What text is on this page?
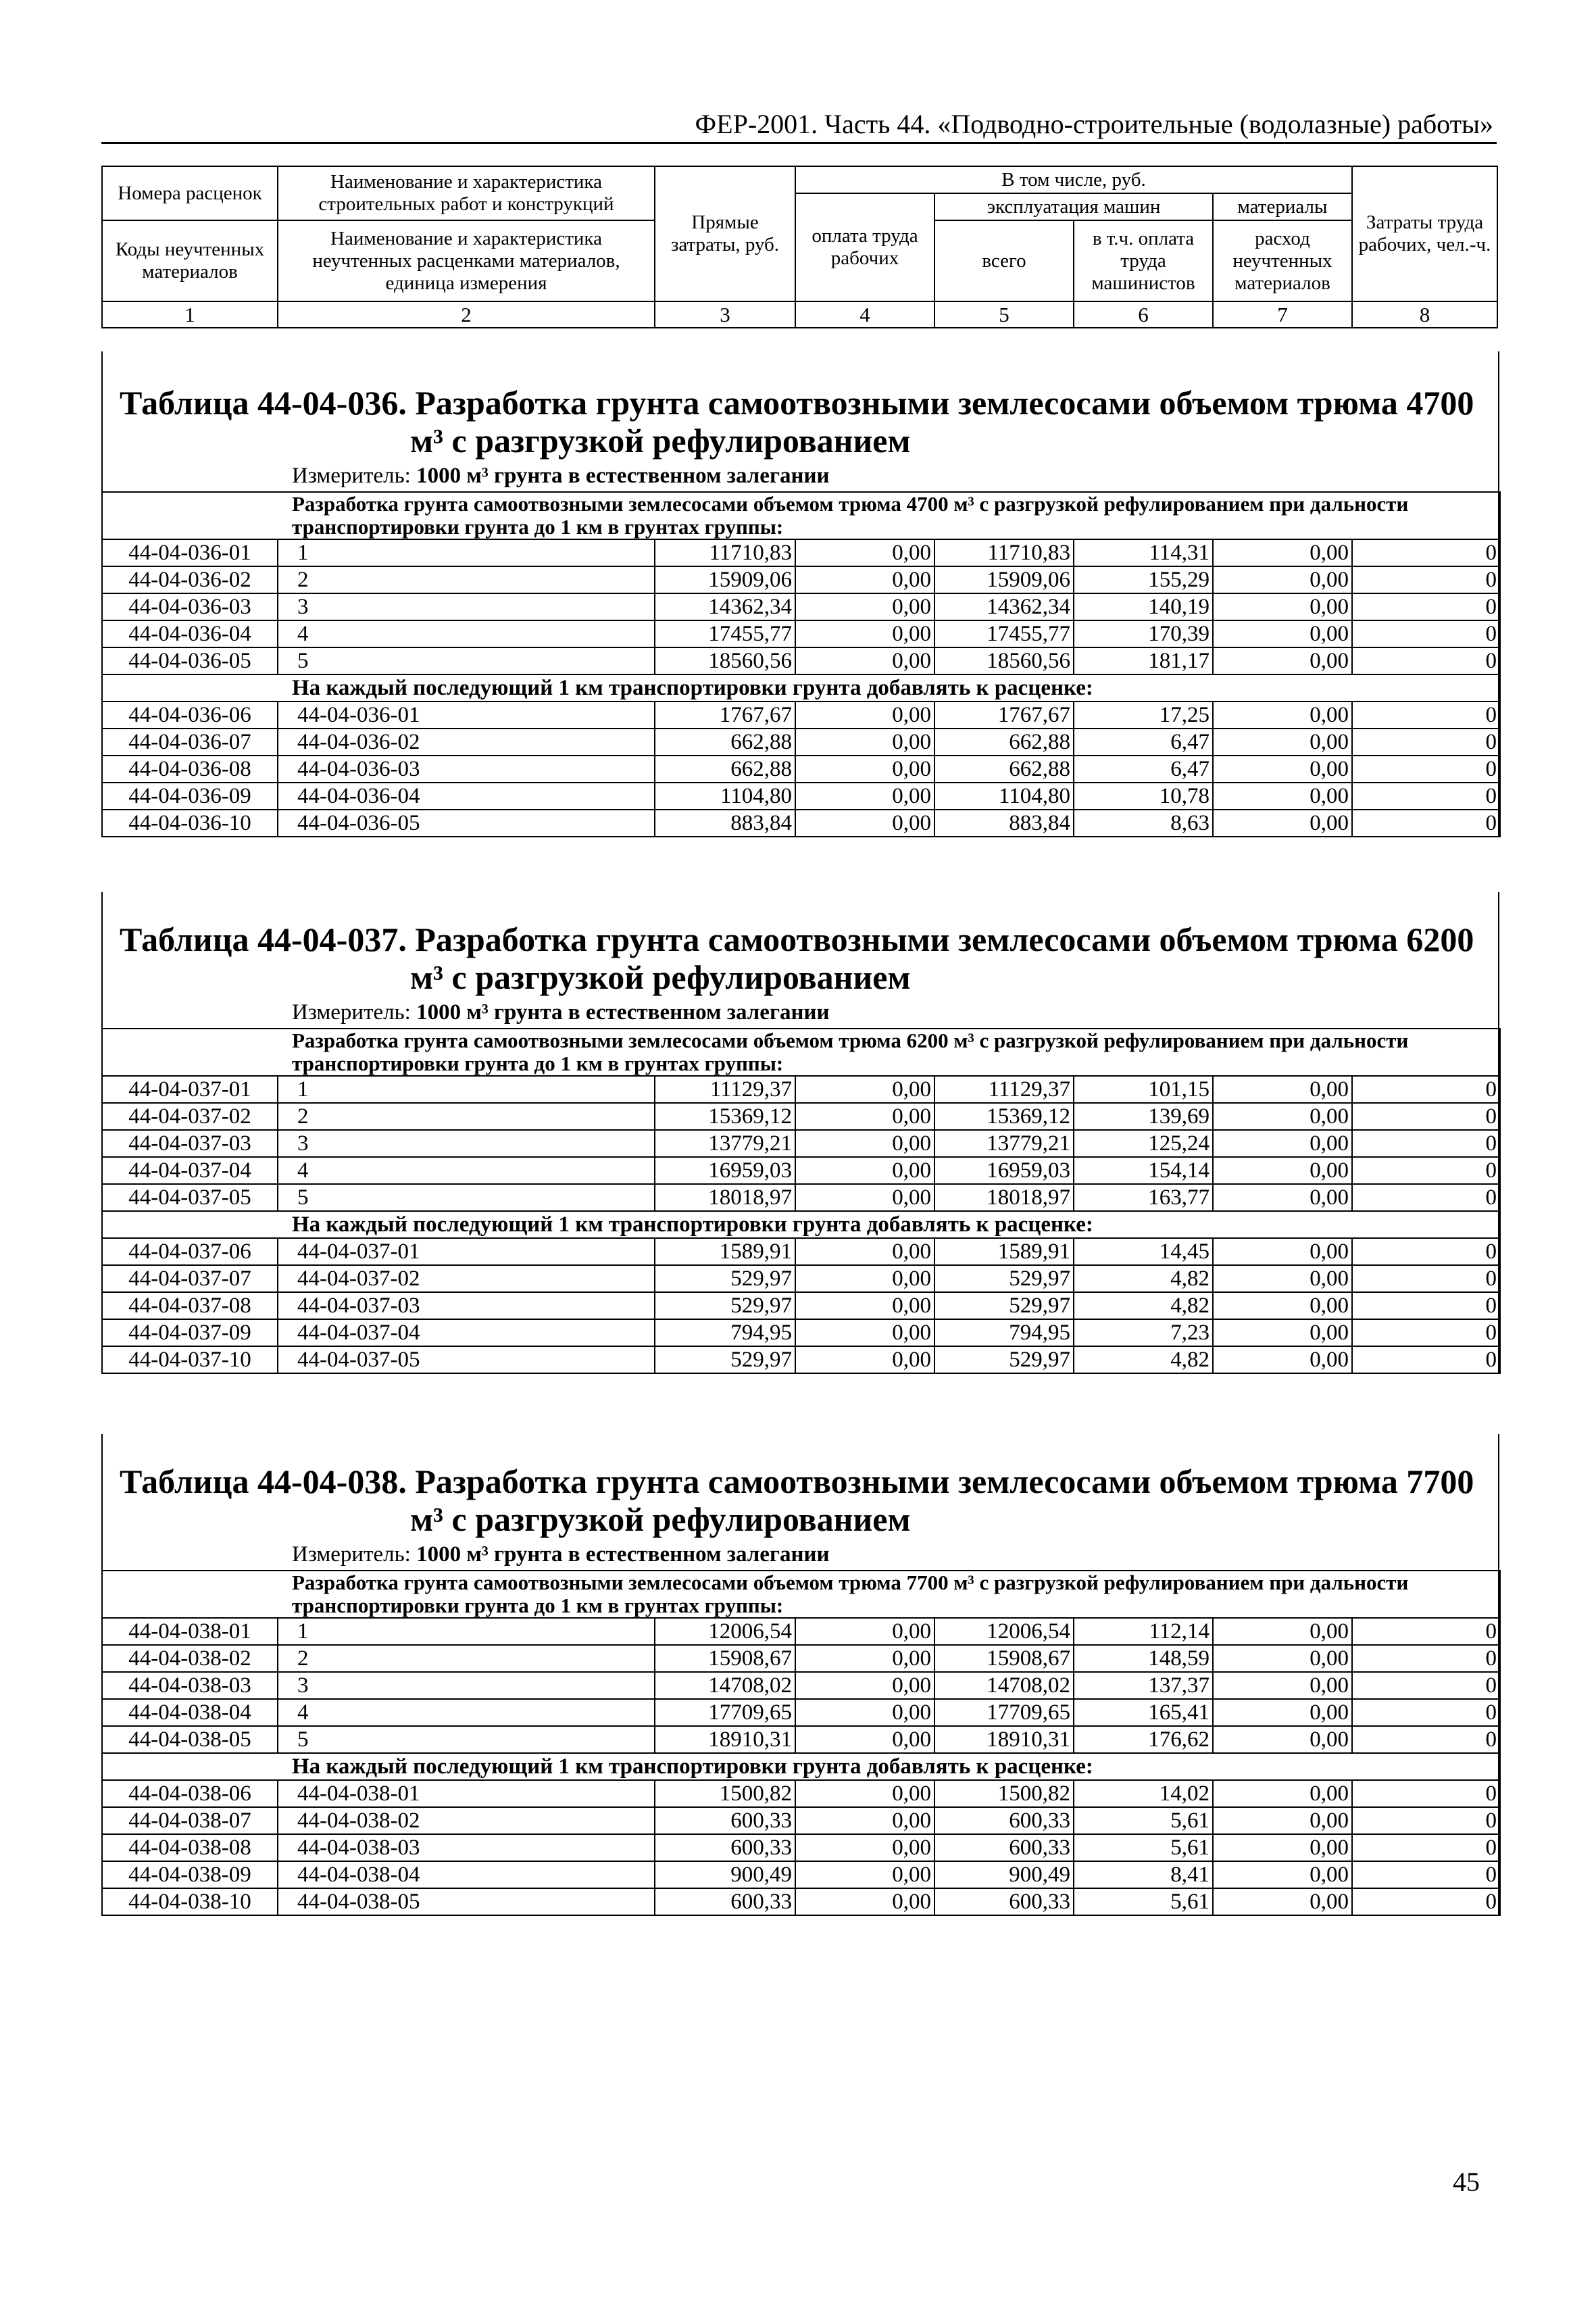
ФЕР-2001. Часть 44. «Подводно-строительные (водолазные) работы»
Номера расценок	Наименование и характеристика строительных работ и конструкций	Прямые затраты, руб.	В том числе, руб.				Затраты труда рабочих, чел.-ч.
			оплата труда рабочих	эксплуатация машин		материалы	
Коды неучтенных материалов	Наименование и характеристика неучтенных расценками материалов, единица измерения			всего	в т.ч. оплата труда машинистов	расход неучтенных материалов	

1	2	3	4	5	6	7	8
Таблица 44-04-036. Разработка грунта самоотвозными землесосами объемом трюма 4700
м³ с разгрузкой рефулированием
Измеритель: 1000 м³ грунта в естественном залегании
Разработка грунта самоотвозными землесосами объемом трюма 4700 м³ с разгрузкой рефулированием при дальности транспортировки грунта до 1 км в грунтах группы:							
44-04-036-01	1	11710,83	0,00	11710,83	114,31	0,00	0
44-04-036-02	2	15909,06	0,00	15909,06	155,29	0,00	0
44-04-036-03	3	14362,34	0,00	14362,34	140,19	0,00	0
44-04-036-04	4	17455,77	0,00	17455,77	170,39	0,00	0
44-04-036-05	5	18560,56	0,00	18560,56	181,17	0,00	0
На каждый последующий 1 км транспортировки грунта добавлять к расценке:							
44-04-036-06	44-04-036-01	1767,67	0,00	1767,67	17,25	0,00	0
44-04-036-07	44-04-036-02	662,88	0,00	662,88	6,47	0,00	0
44-04-036-08	44-04-036-03	662,88	0,00	662,88	6,47	0,00	0
44-04-036-09	44-04-036-04	1104,80	0,00	1104,80	10,78	0,00	0
44-04-036-10	44-04-036-05	883,84	0,00	883,84	8,63	0,00	0
Таблица 44-04-037. Разработка грунта самоотвозными землесосами объемом трюма 6200
м³ с разгрузкой рефулированием
Измеритель: 1000 м³ грунта в естественном залегании
Разработка грунта самоотвозными землесосами объемом трюма 6200 м³ с разгрузкой рефулированием при дальности транспортировки грунта до 1 км в грунтах группы:							
44-04-037-01	1	11129,37	0,00	11129,37	101,15	0,00	0
44-04-037-02	2	15369,12	0,00	15369,12	139,69	0,00	0
44-04-037-03	3	13779,21	0,00	13779,21	125,24	0,00	0
44-04-037-04	4	16959,03	0,00	16959,03	154,14	0,00	0
44-04-037-05	5	18018,97	0,00	18018,97	163,77	0,00	0
На каждый последующий 1 км транспортировки грунта добавлять к расценке:							
44-04-037-06	44-04-037-01	1589,91	0,00	1589,91	14,45	0,00	0
44-04-037-07	44-04-037-02	529,97	0,00	529,97	4,82	0,00	0
44-04-037-08	44-04-037-03	529,97	0,00	529,97	4,82	0,00	0
44-04-037-09	44-04-037-04	794,95	0,00	794,95	7,23	0,00	0
44-04-037-10	44-04-037-05	529,97	0,00	529,97	4,82	0,00	0
Таблица 44-04-038. Разработка грунта самоотвозными землесосами объемом трюма 7700
м³ с разгрузкой рефулированием
Измеритель: 1000 м³ грунта в естественном залегании
Разработка грунта самоотвозными землесосами объемом трюма 7700 м³ с разгрузкой рефулированием при дальности транспортировки грунта до 1 км в грунтах группы:							
44-04-038-01	1	12006,54	0,00	12006,54	112,14	0,00	0
44-04-038-02	2	15908,67	0,00	15908,67	148,59	0,00	0
44-04-038-03	3	14708,02	0,00	14708,02	137,37	0,00	0
44-04-038-04	4	17709,65	0,00	17709,65	165,41	0,00	0
44-04-038-05	5	18910,31	0,00	18910,31	176,62	0,00	0
На каждый последующий 1 км транспортировки грунта добавлять к расценке:							
44-04-038-06	44-04-038-01	1500,82	0,00	1500,82	14,02	0,00	0
44-04-038-07	44-04-038-02	600,33	0,00	600,33	5,61	0,00	0
44-04-038-08	44-04-038-03	600,33	0,00	600,33	5,61	0,00	0
44-04-038-09	44-04-038-04	900,49	0,00	900,49	8,41	0,00	0
44-04-038-10	44-04-038-05	600,33	0,00	600,33	5,61	0,00	0
45
